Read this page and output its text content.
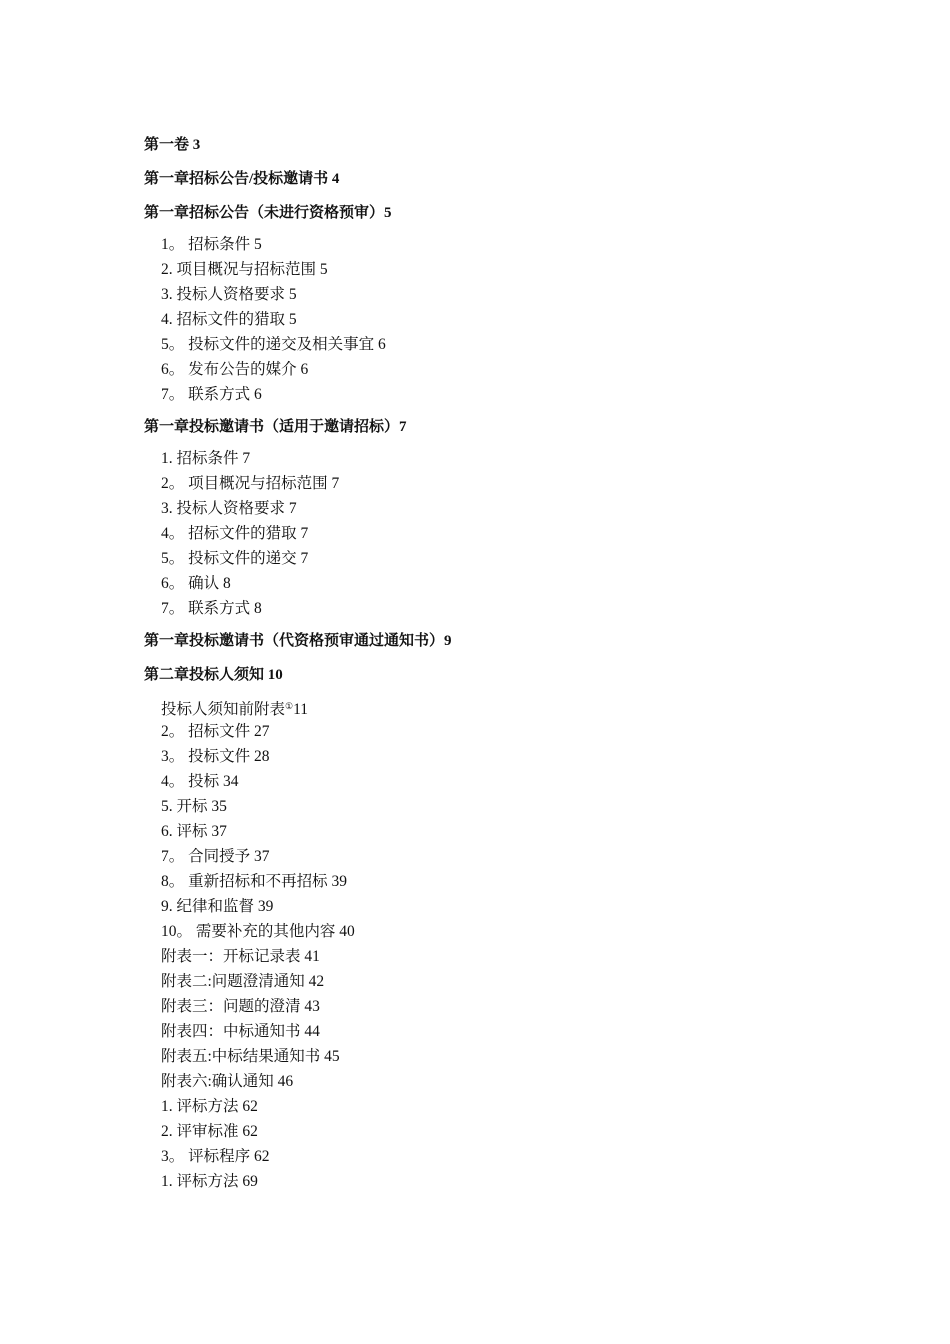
第一卷 3
第一章招标公告/投标邀请书 4
第一章招标公告（未进行资格预审）5
1。 招标条件 5
2. 项目概况与招标范围 5
3. 投标人资格要求 5
4. 招标文件的猎取 5
5。 投标文件的递交及相关事宜 6
6。 发布公告的媒介 6
7。 联系方式 6
第一章投标邀请书（适用于邀请招标）7
1. 招标条件 7
2。 项目概况与招标范围 7
3. 投标人资格要求 7
4。 招标文件的猎取 7
5。 投标文件的递交 7
6。 确认 8
7。 联系方式 8
第一章投标邀请书（代资格预审通过通知书）9
第二章投标人须知 10
投标人须知前附表①11
2。 招标文件 27
3。 投标文件 28
4。 投标 34
5. 开标 35
6. 评标 37
7。 合同授予 37
8。 重新招标和不再招标 39
9. 纪律和监督 39
10。 需要补充的其他内容 40
附表一：开标记录表 41
附表二:问题澄清通知 42
附表三：问题的澄清 43
附表四：中标通知书 44
附表五:中标结果通知书 45
附表六:确认通知 46
1. 评标方法 62
2. 评审标准 62
3。 评标程序 62
1. 评标方法 69
